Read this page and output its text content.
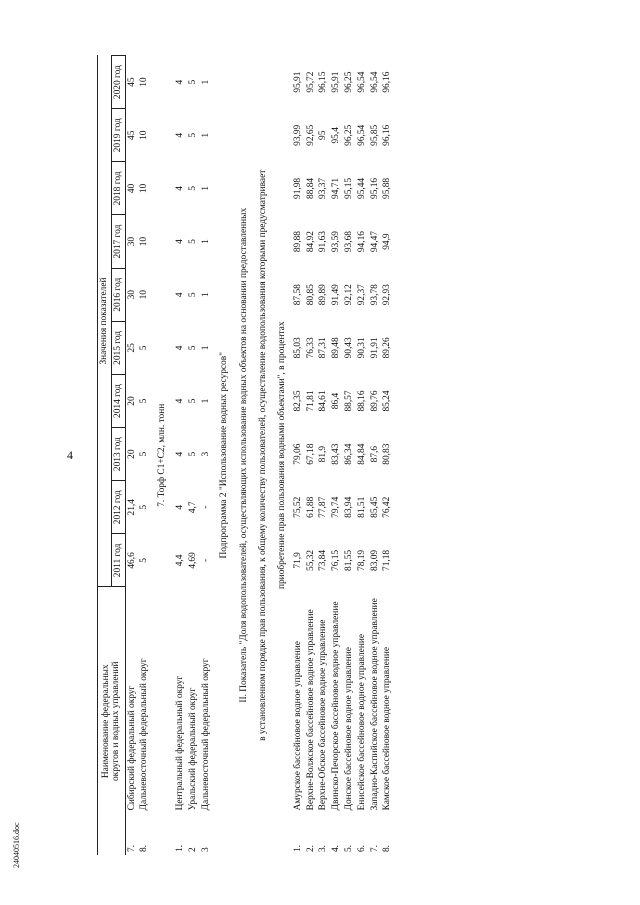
4
Наименование федеральных округов и водных управлений		Значения показателей									
		2011 год	2012 год	2013 год	2014 год	2015 год	2016 год	2017 год	2018 год	2019 год	2020 год
7.	Сибирский федеральный округ	46,6	21,4	20	20	25	30	30	40	45	45
8.	Дальневосточный федеральный округ	5	5	5	5	5	10	10	10	10	10
7. Торф С1+С2, млн. тонн											
1.	Центральный федеральный округ	4,4	4	4	4	4	4	4	4	4	4
2	Уральский федеральный округ	4,69	4,7	5	5	5	5	5	5	5	5
3	Дальневосточный федеральный округ	-	-	3	1	1	1	1	1	1	1
Подпрограмма 2 "Использование водных ресурсов"											
II. Показатель "Доля водопользователей, осуществляющих использование водных объектов на основании предоставленных											
в установленном порядке прав пользования, к общему количеству пользователей, осуществление водопользования которыми предусматривает											
приобретение прав пользования водными объектами", в процентах											
1.	Амурское бассейновое водное управление	71,9	75,52	79,06	82,35	85,03	87,58	89,88	91,98	93,99	95,91
2.	Верхне-Волжское бассейновое водное управление	55,32	61,88	67,18	71,81	76,33	80,85	84,92	88,84	92,65	95,72
3.	Верхне-Обское бассейновое водное управление	73,84	77,87	81,9	84,61	87,31	89,89	91,63	93,37	95	96,15
4.	Двинско-Печорское бассейновое водное управление	76,15	79,74	83,43	86,4	89,48	91,49	93,59	94,71	95,4	95,91
5.	Донское бассейновое водное управление	81,55	83,94	86,34	88,57	90,43	92,12	93,68	95,15	96,25	96,25
6.	Енисейское бассейновое водное управление	78,19	81,51	84,84	88,16	90,31	92,37	94,16	95,44	96,54	96,54
7.	Западно-Каспийское бассейновое водное управление	83,09	85,45	87,6	89,76	91,91	93,78	94,47	95,16	95,85	96,54
8.	Камское бассейновое водное управление	71,18	76,42	80,83	85,24	89,26	92,93	94,9	95,88	96,16	96,16
24040516.doc
